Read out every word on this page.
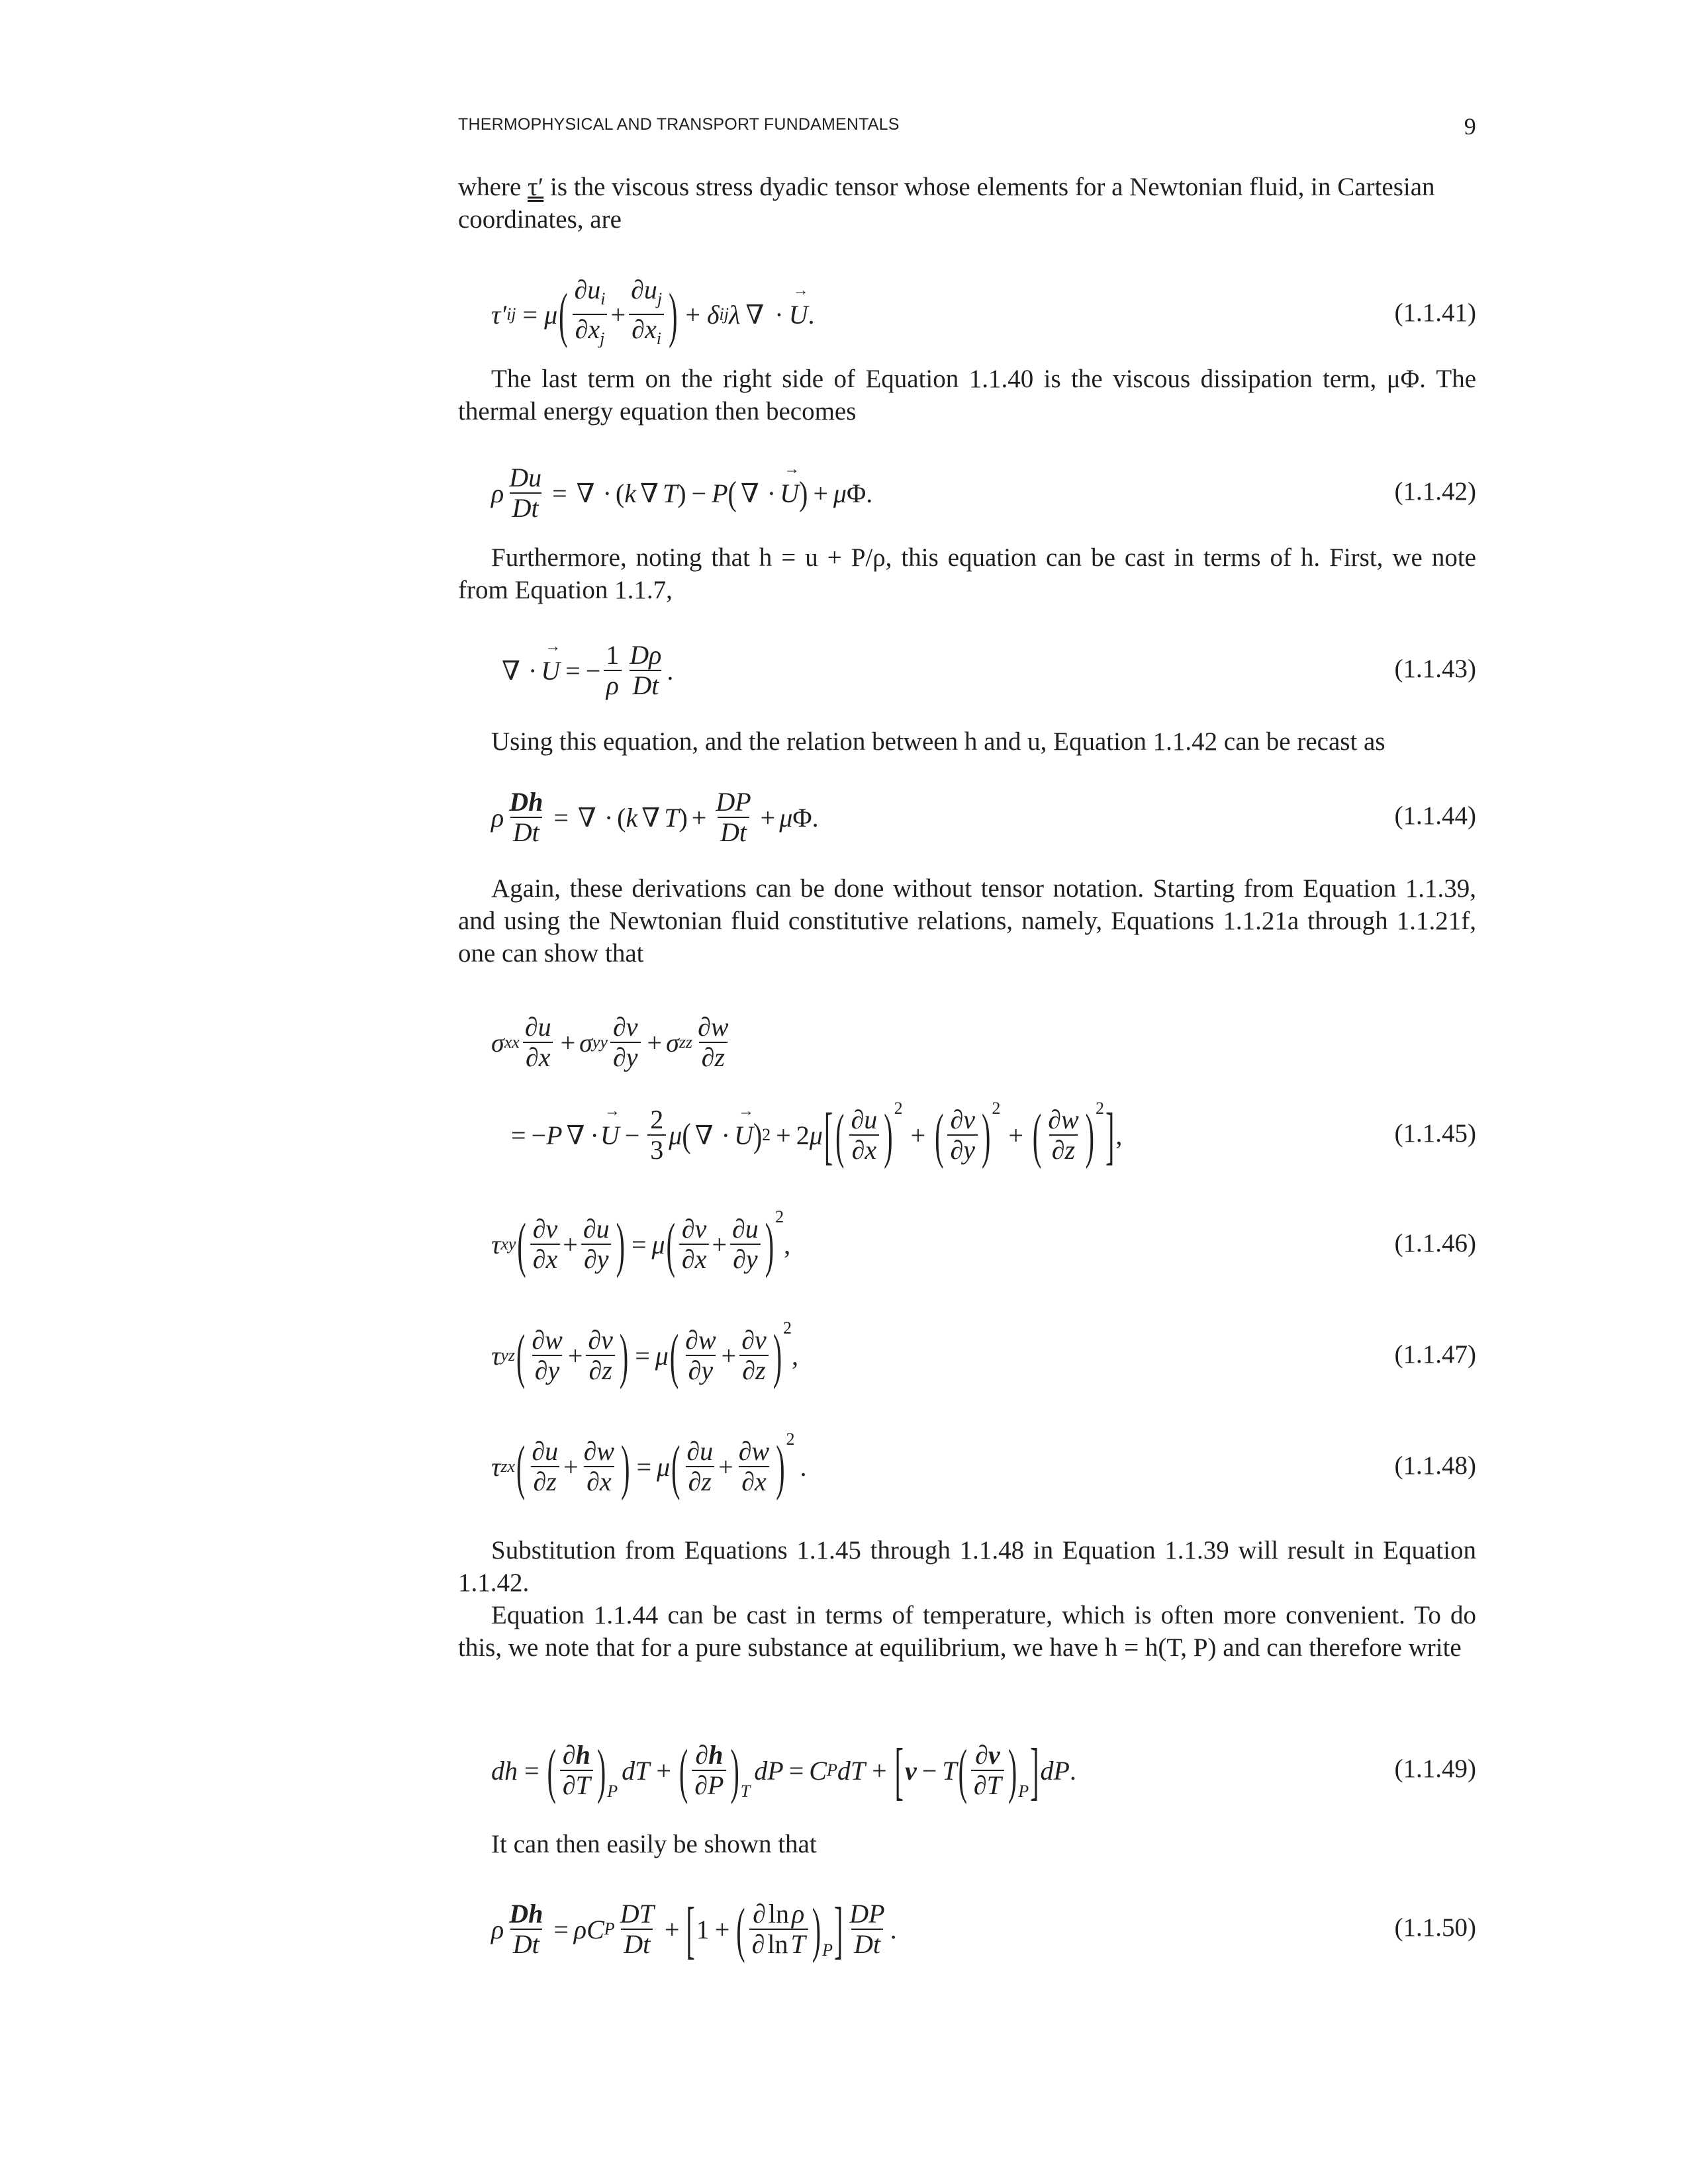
THERMOPHYSICAL AND TRANSPORT FUNDAMENTALS	9
where τ′ is the viscous stress dyadic tensor whose elements for a Newtonian fluid, in Cartesian
coordinates, are
τ′ ij = μ ( $\frac{\partial u_i}{\partial x_j} + \frac{\partial u_j}{\partial x_i}$ ) + δ ij λ ∇ · → U .	(1.1.41)
The last term on the right side of Equation 1.1.40 is the viscous dissipation term, μΦ. The thermal energy equation then becomes
ρ $\frac{Du}{Dt}$ = ∇ · ( k ∇ T ) − P ( ∇ · → U ) + μ Φ .	(1.1.42)
Furthermore, noting that h = u + P/ρ, this equation can be cast in terms of h. First, we note from Equation 1.1.7,
∇ · → U = − $\frac{1}{\rho} \frac{D\rho}{Dt}$ .	(1.1.43)
Using this equation, and the relation between h and u, Equation 1.1.42 can be recast as
ρ $\frac{Dh}{Dt}$ = ∇ · ( k ∇ T ) + $\frac{DP}{Dt} + \mu$ Φ .	(1.1.44)
Again, these derivations can be done without tensor notation. Starting from Equation 1.1.39, and using the Newtonian fluid constitutive relations, namely, Equations 1.1.21a through 1.1.21f, one can show that
σ xx $\frac{\partial u}{\partial x} + \sigma$ yy $\frac{\partial v}{\partial y} + \sigma$ zz $\frac{\partial w}{\partial z}$
= − P ∇ · → $U - \frac{2}{3}$ μ ( ∇ · → U ) 2 + 2 μ [ ( $\frac{\partial u}{\partial x} )^2$
+ ( $\frac{\partial v}{\partial y} )^2$
+ ( $\frac{\partial w}{\partial z} )^2$ ] ,	(1.1.45)
τ xy ( $\frac{\partial v}{\partial x} + \frac{\partial u}{\partial y}$ ) = μ ( $\frac{\partial v}{\partial x} + \frac{\partial u}{\partial y} )^2$
,	(1.1.46)
τ yz ( $\frac{\partial w}{\partial y} + \frac{\partial v}{\partial z}$ ) = μ ( $\frac{\partial w}{\partial y} + \frac{\partial v}{\partial z} )^2$
,	(1.1.47)
τ zx ( $\frac{\partial u}{\partial z} + \frac{\partial w}{\partial x}$ ) = μ ( $\frac{\partial u}{\partial z} + \frac{\partial w}{\partial x} )^2$
.	(1.1.48)
Substitution from Equations 1.1.45 through 1.1.48 in Equation 1.1.39 will result in Equation 1.1.42.
Equation 1.1.44 can be cast in terms of temperature, which is often more convenient. To do this, we note that for a pure substance at equilibrium, we have h = h(T, P) and can therefore write
dh = ( $\frac{\partial h}{\partial T} )_P$
dT + ( $\frac{\partial h}{\partial P} )_T$
dP = C P dT + [ v − T ( $\frac{\partial v}{\partial T} )_P$ ] dP .	(1.1.49)
It can then easily be shown that
ρ $\frac{Dh}{Dt} = \rho$ C P $\frac{DT}{Dt}$ + [ 1 + ( $\frac{\text{∂ ln ρ}}{\text{∂ ln T}} )_P$ ] $\frac{DP}{Dt}$ .	(1.1.50)
